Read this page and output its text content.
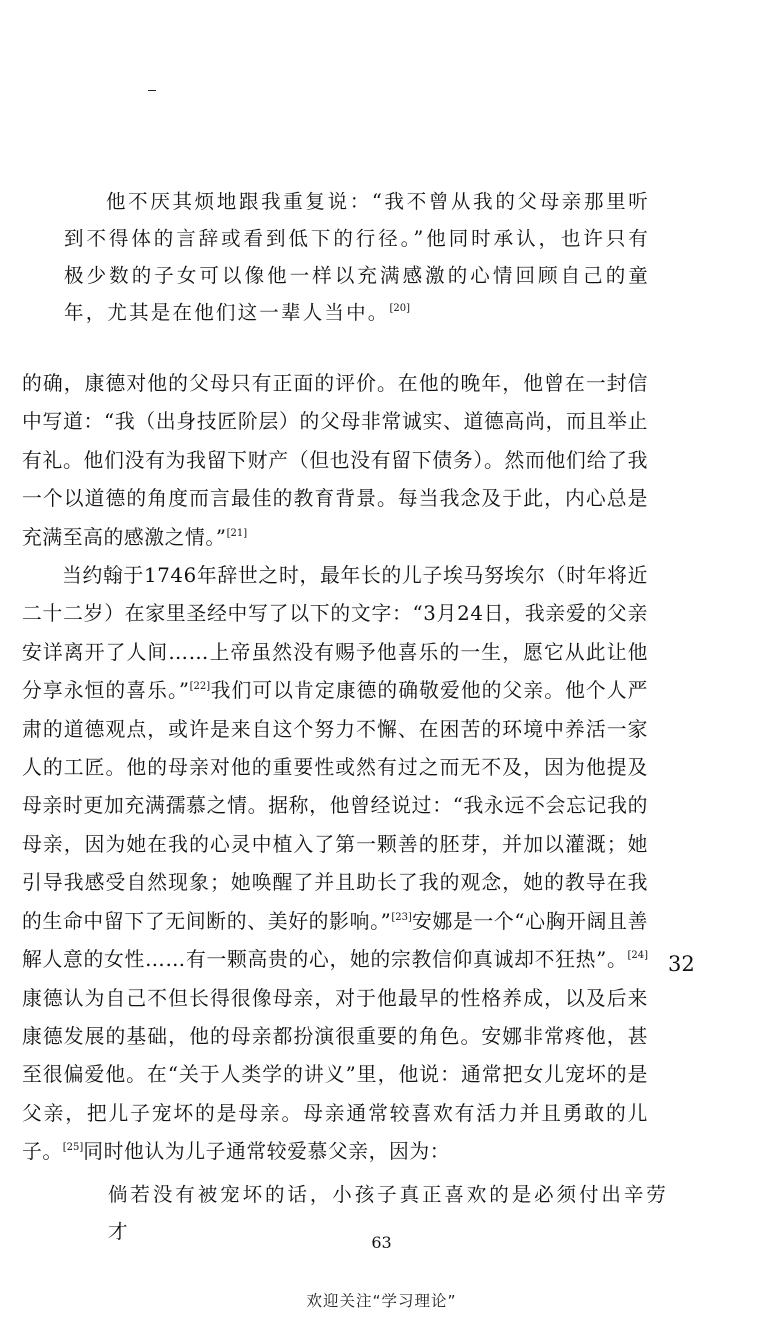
他不厌其烦地跟我重复说：“我不曾从我的父母亲那里听到不得体的言辞或看到低下的行径。”他同时承认，也许只有极少数的子女可以像他一样以充满感激的心情回顾自己的童年，尤其是在他们这一辈人当中。[20]

的确，康德对他的父母只有正面的评价。在他的晚年，他曾在一封信中写道：“我（出身技匠阶层）的父母非常诚实、道德高尚，而且举止有礼。他们没有为我留下财产（但也没有留下债务）。然而他们给了我一个以道德的角度而言最佳的教育背景。每当我念及于此，内心总是充满至高的感激之情。”[21]

当约翰于1746年辞世之时，最年长的儿子埃马努埃尔（时年将近二十二岁）在家里圣经中写了以下的文字：“3月24日，我亲爱的父亲安详离开了人间……上帝虽然没有赐予他喜乐的一生，愿它从此让他分享永恒的喜乐。”[22]我们可以肯定康德的确敬爱他的父亲。他个人严肃的道德观点，或许是来自这个努力不懈、在困苦的环境中养活一家人的工匠。他的母亲对他的重要性或然有过之而无不及，因为他提及母亲时更加充满孺慕之情。据称，他曾经说过：“我永远不会忘记我的母亲，因为她在我的心灵中植入了第一颗善的胚芽，并加以灌溉；她引导我感受自然现象；她唤醒了并且助长了我的观念，她的教导在我的生命中留下了无间断的、美好的影响。”[23]安娜是一个“心胸开阔且善解人意的女性……有一颗高贵的心，她的宗教信仰真诚却不狂热”。[24]康德认为自己不但长得很像母亲，对于他最早的性格养成，以及后来康德发展的基础，他的母亲都扮演很重要的角色。安娜非常疼他，甚至很偏爱他。在“关于人类学的讲义”里，他说：通常把女儿宠坏的是父亲，把儿子宠坏的是母亲。母亲通常较喜欢有活力并且勇敢的儿子。[25]同时他认为儿子通常较爱慕父亲，因为：

32

倘若没有被宠坏的话，小孩子真正喜欢的是必须付出辛劳才	63
欢迎关注“学习理论”
